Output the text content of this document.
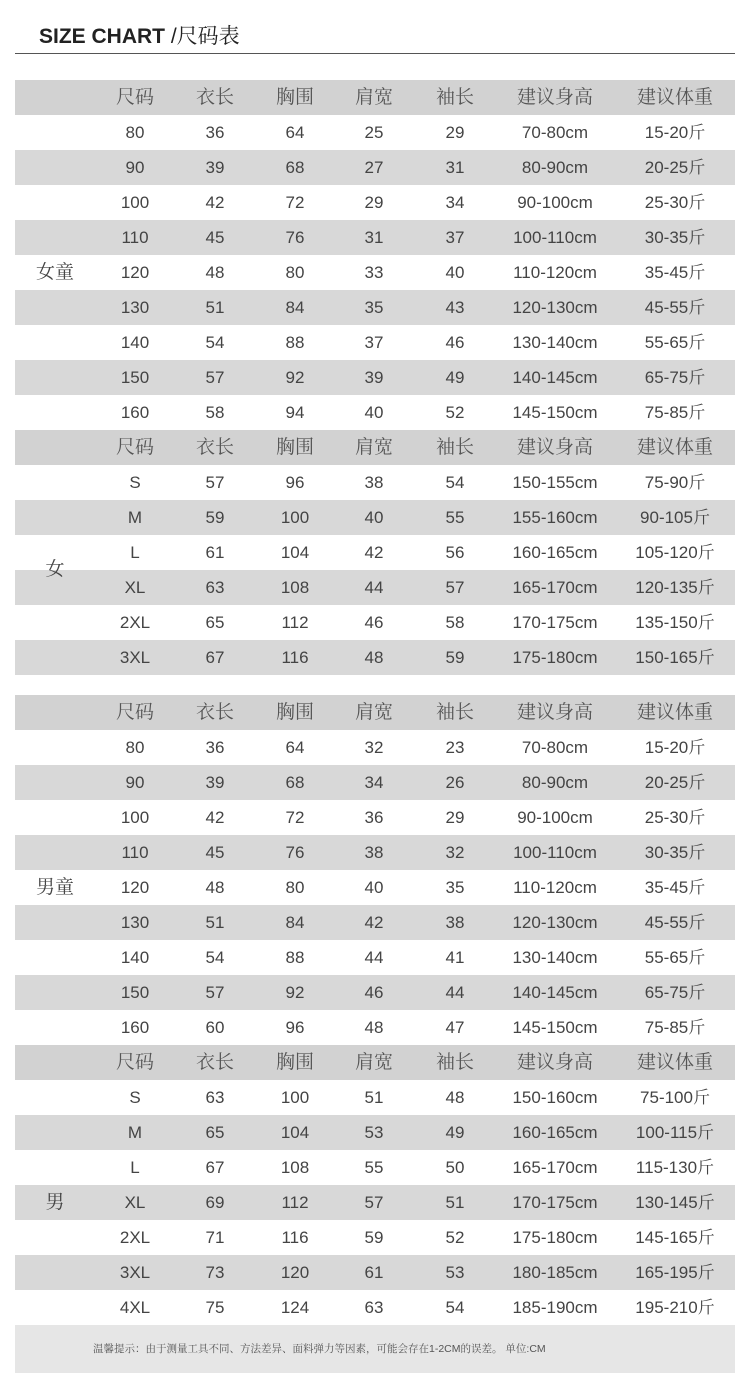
SIZE CHART /尺码表
尺码	衣长	胸围	肩宽	袖长	建议身高	建议体重
80	36	64	25	29	70-80cm	15-20斤
90	39	68	27	31	80-90cm	20-25斤
100	42	72	29	34	90-100cm	25-30斤
110	45	76	31	37	100-110cm	30-35斤
120	48	80	33	40	110-120cm	35-45斤
130	51	84	35	43	120-130cm	45-55斤
140	54	88	37	46	130-140cm	55-65斤
150	57	92	39	49	140-145cm	65-75斤
160	58	94	40	52	145-150cm	75-85斤
女童
尺码	衣长	胸围	肩宽	袖长	建议身高	建议体重
S	57	96	38	54	150-155cm	75-90斤
M	59	100	40	55	155-160cm	90-105斤
L	61	104	42	56	160-165cm	105-120斤
XL	63	108	44	57	165-170cm	120-135斤
2XL	65	112	46	58	170-175cm	135-150斤
3XL	67	116	48	59	175-180cm	150-165斤
女
尺码	衣长	胸围	肩宽	袖长	建议身高	建议体重
80	36	64	32	23	70-80cm	15-20斤
90	39	68	34	26	80-90cm	20-25斤
100	42	72	36	29	90-100cm	25-30斤
110	45	76	38	32	100-110cm	30-35斤
120	48	80	40	35	110-120cm	35-45斤
130	51	84	42	38	120-130cm	45-55斤
140	54	88	44	41	130-140cm	55-65斤
150	57	92	46	44	140-145cm	65-75斤
160	60	96	48	47	145-150cm	75-85斤
男童
尺码	衣长	胸围	肩宽	袖长	建议身高	建议体重
S	63	100	51	48	150-160cm	75-100斤
M	65	104	53	49	160-165cm	100-115斤
L	67	108	55	50	165-170cm	115-130斤
XL	69	112	57	51	170-175cm	130-145斤
2XL	71	116	59	52	175-180cm	145-165斤
3XL	73	120	61	53	180-185cm	165-195斤
4XL	75	124	63	54	185-190cm	195-210斤
男
温馨提示：由于测量工具不同、方法差异、面料弹力等因素，可能会存在1-2CM的误差。 单位:CM
